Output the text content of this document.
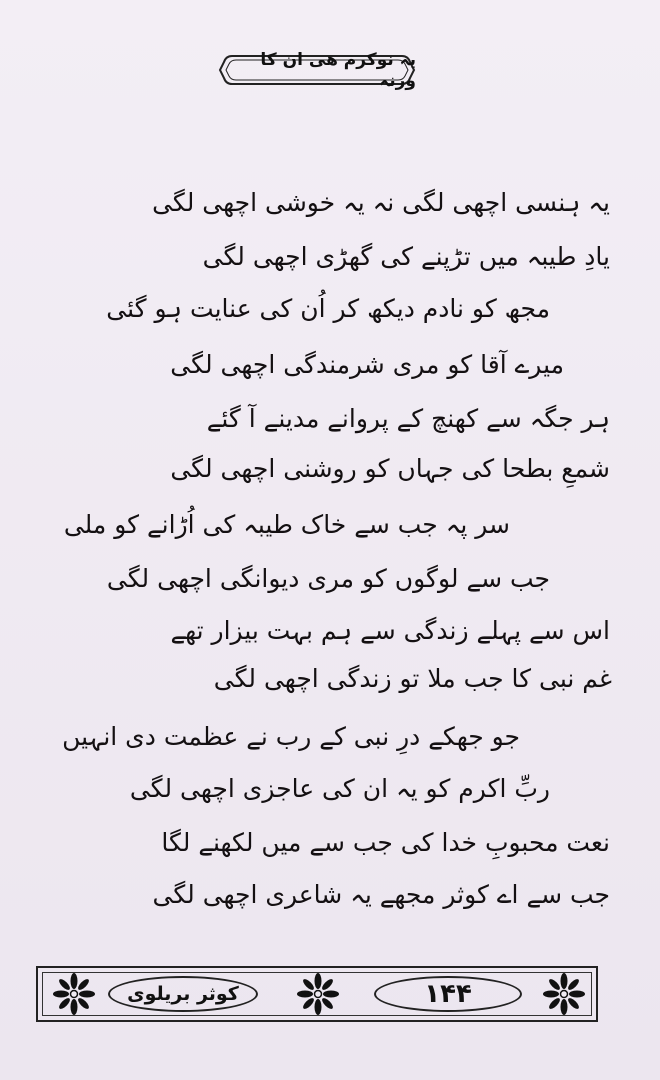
یہ نوکرم ھی ان کا ورنہ
یہ ہنسی اچھی لگی نہ یہ خوشی اچھی لگی
یادِ طیبہ میں تڑپنے کی گھڑی اچھی لگی
مجھ کو نادم دیکھ کر اُن کی عنایت ہو گئی
میرے آقا کو مری شرمندگی اچھی لگی
ہر جگہ سے کھنچ کے پروانے مدینے آ گئے
شمعِ بطحا کی جہاں کو روشنی اچھی لگی
سر پہ جب سے خاک طیبہ کی اُڑانے کو ملی
جب سے لوگوں کو مری دیوانگی اچھی لگی
اس سے پہلے زندگی سے ہم بہت بیزار تھے
غم نبی کا جب ملا تو زندگی اچھی لگی
جو جھکے درِ نبی کے رب نے عظمت دی انہیں
ربِّ اکرم کو یہ ان کی عاجزی اچھی لگی
نعت محبوبِ خدا کی جب سے میں لکھنے لگا
جب سے اے کوثر مجھے یہ شاعری اچھی لگی
کوثر بریلوی	۱۴۴
